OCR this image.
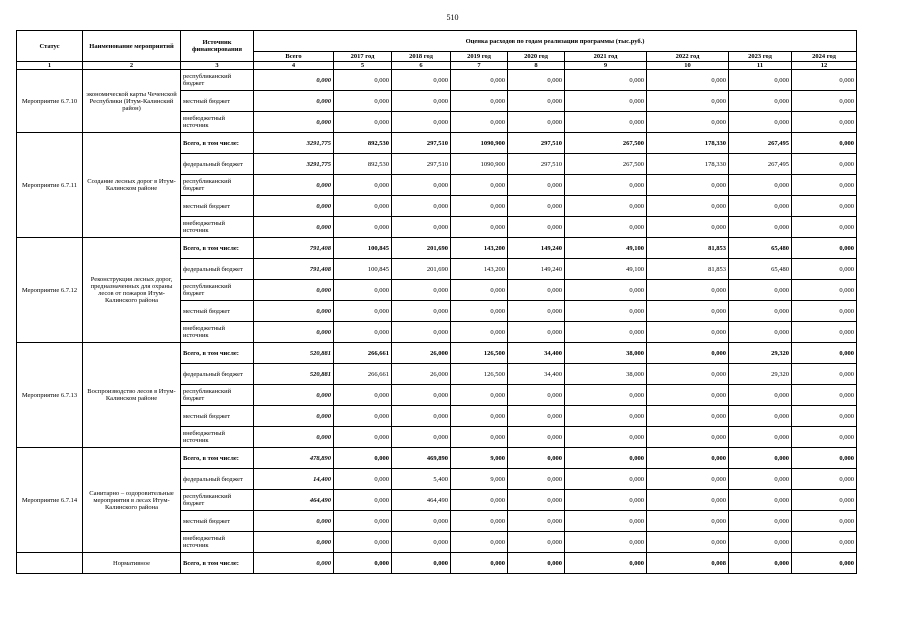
510
Статус	Наименование мероприятий	Источник финансирования	Оценка расходов по годам реализации программы (тыс.руб.)								
			Всего	2017 год	2018 год	2019 год	2020 год	2021 год	2022 год	2023 год	2024 год
1	2	3	4	5	6	7	8	9	10	11	12
Мероприятие 6.7.10	экономической карты Чеченской Республики (Итум-Калинский район)	республиканский бюджет	0,000	0,000	0,000	0,000	0,000	0,000	0,000	0,000	0,000
		местный бюджет	0,000	0,000	0,000	0,000	0,000	0,000	0,000	0,000	0,000
		внебюджетный источник	0,000	0,000	0,000	0,000	0,000	0,000	0,000	0,000	0,000
Мероприятие 6.7.11	Создание лесных дорог в Итум-Калинском районе	Всего, в том числе:	3291,775	892,530	297,510	1090,900	297,510	267,500	178,330	267,495	0,000
		федеральный бюджет	3291,775	892,530	297,510	1090,900	297,510	267,500	178,330	267,495	0,000
		республиканский бюджет	0,000	0,000	0,000	0,000	0,000	0,000	0,000	0,000	0,000
		местный бюджет	0,000	0,000	0,000	0,000	0,000	0,000	0,000	0,000	0,000
		внебюджетный источник	0,000	0,000	0,000	0,000	0,000	0,000	0,000	0,000	0,000
Мероприятие 6.7.12	Реконструкция лесных дорог, предназначенных для охраны лесов от пожаров Итум-Калинского района	Всего, в том числе:	791,408	100,845	201,690	143,200	149,240	49,100	81,853	65,480	0,000
		федеральный бюджет	791,408	100,845	201,690	143,200	149,240	49,100	81,853	65,480	0,000
		республиканский бюджет	0,000	0,000	0,000	0,000	0,000	0,000	0,000	0,000	0,000
		местный бюджет	0,000	0,000	0,000	0,000	0,000	0,000	0,000	0,000	0,000
		внебюджетный источник	0,000	0,000	0,000	0,000	0,000	0,000	0,000	0,000	0,000
Мероприятие 6.7.13	Воспроизводство лесов в Итум-Калинском районе	Всего, в том числе:	520,881	266,661	26,000	126,500	34,400	38,000	0,000	29,320	0,000
		федеральный бюджет	520,881	266,661	26,000	126,500	34,400	38,000	0,000	29,320	0,000
		республиканский бюджет	0,000	0,000	0,000	0,000	0,000	0,000	0,000	0,000	0,000
		местный бюджет	0,000	0,000	0,000	0,000	0,000	0,000	0,000	0,000	0,000
		внебюджетный источник	0,000	0,000	0,000	0,000	0,000	0,000	0,000	0,000	0,000
Мероприятие 6.7.14	Санитарно – оздоровительные мероприятия в лесах Итум-Калинского района	Всего, в том числе:	478,890	0,000	469,890	9,000	0,000	0,000	0,000	0,000	0,000
		федеральный бюджет	14,400	0,000	5,400	9,000	0,000	0,000	0,000	0,000	0,000
		республиканский бюджет	464,490	0,000	464,490	0,000	0,000	0,000	0,000	0,000	0,000
		местный бюджет	0,000	0,000	0,000	0,000	0,000	0,000	0,000	0,000	0,000
		внебюджетный источник	0,000	0,000	0,000	0,000	0,000	0,000	0,000	0,000	0,000
	Нормативное	Всего, в том числе:	0,000	0,000	0,000	0,000	0,000	0,000	0,008	0,000	0,000
